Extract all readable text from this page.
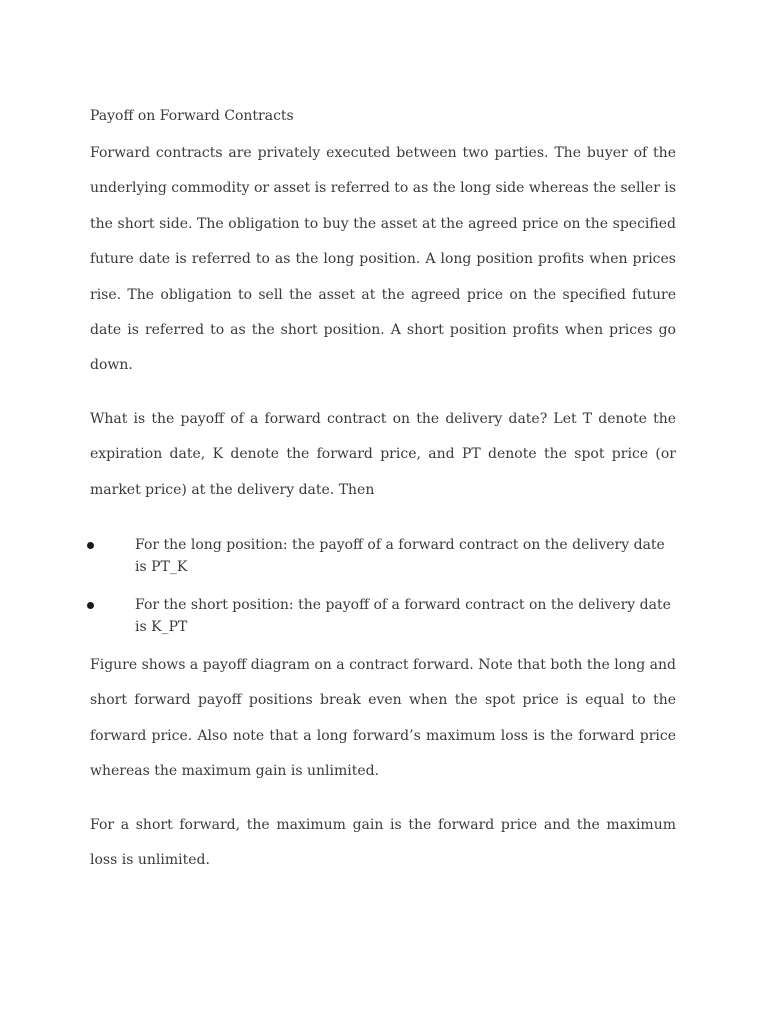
Payoff on Forward Contracts

Forward contracts are privately executed between two parties. The buyer of the underlying commodity or asset is referred to as the long side whereas the seller is the short side. The obligation to buy the asset at the agreed price on the specified future date is referred to as the long position. A long position profits when prices rise. The obligation to sell the asset at the agreed price on the specified future date is referred to as the short position. A short position profits when prices go down.

What is the payoff of a forward contract on the delivery date? Let T denote the expiration date, K denote the forward price, and PT denote the spot price (or market price) at the delivery date. Then

For the long position: the payoff of a forward contract on the delivery date is PT_K
For the short position: the payoff of a forward contract on the delivery date is K_PT

Figure shows a payoff diagram on a contract forward. Note that both the long and short forward payoff positions break even when the spot price is equal to the forward price. Also note that a long forward’s maximum loss is the forward price whereas the maximum gain is unlimited.

For a short forward, the maximum gain is the forward price and the maximum loss is unlimited.
